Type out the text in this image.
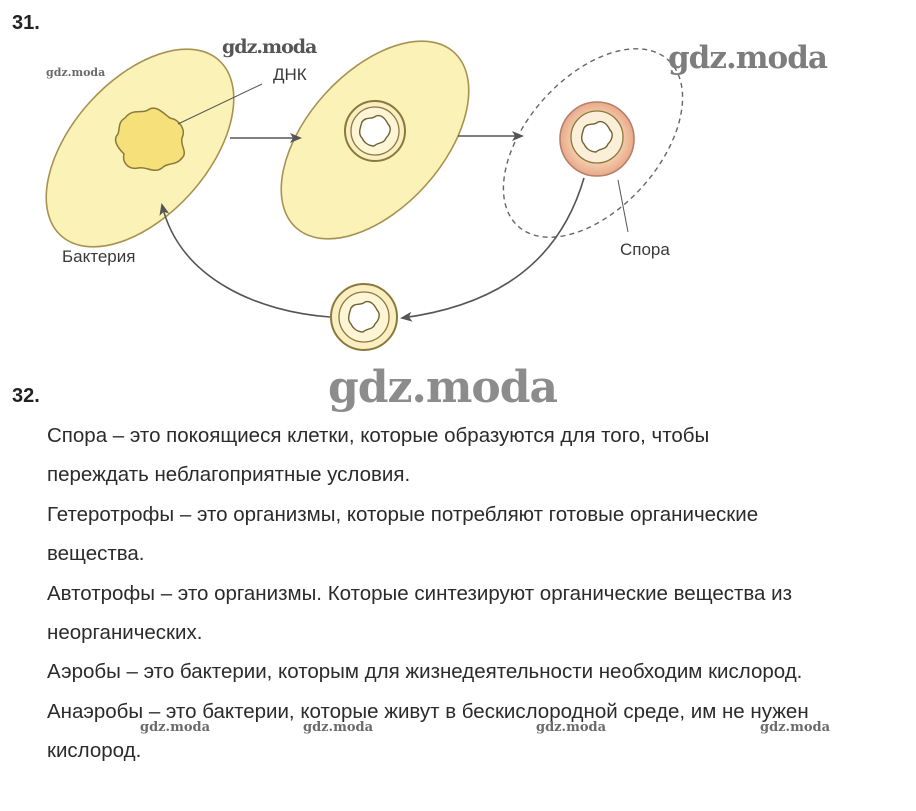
31.
ДНК
Бактерия	Спора
gdz.moda
gdz.moda	gdz.moda
gdz.moda
32.
Спора – это покоящиеся клетки, которые образуются для того, чтобы
переждать неблагоприятные условия.
Гетеротрофы – это организмы, которые потребляют готовые органические
вещества.
Автотрофы – это организмы. Которые синтезируют органические вещества из
неорганических.
Аэробы – это бактерии, которым для жизнедеятельности необходим кислород.
Анаэробы – это бактерии, которые живут в бескислородной среде, им не нужен
кислород.
gdz.moda	gdz.moda	gdz.moda	gdz.moda
